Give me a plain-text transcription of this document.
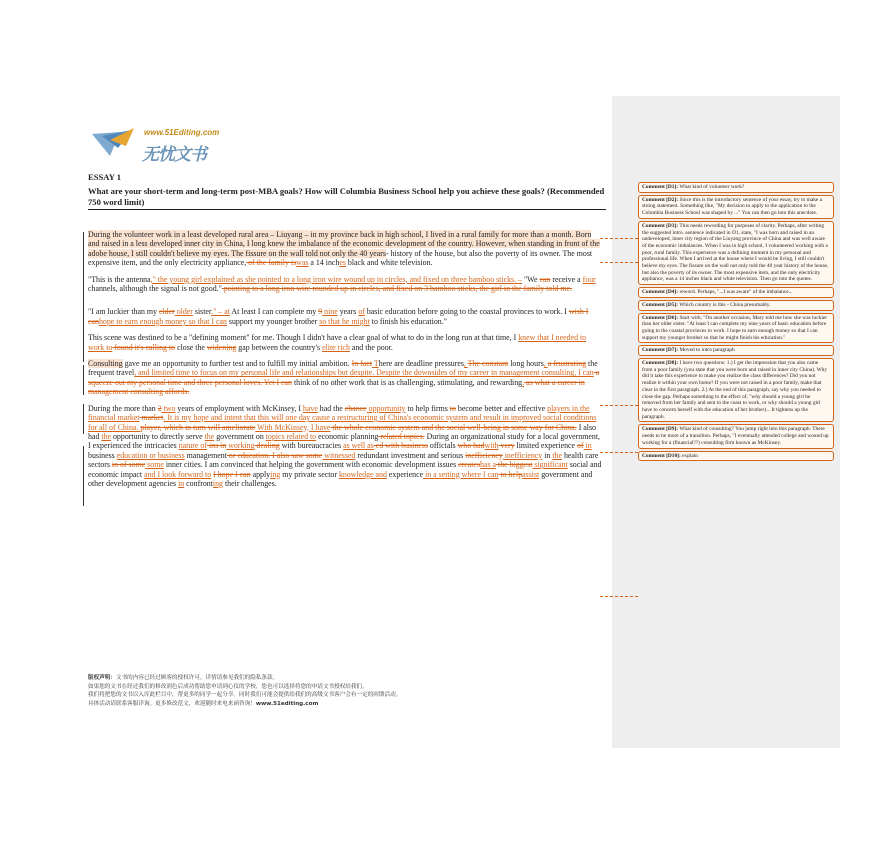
www.51Editing.com
无忧文书
ESSAY 1
What are your short-term and long-term post-MBA goals? How will Columbia Business School help you achieve these goals? (Recommended 750 word limit)

During the volunteer work in a least developed rural area – Liuyang – in my province back in high school, I lived in a rural family for more than a month. Born and raised in a less developed inner city in China, I long knew the imbalance of the economic development of the country. However, when standing in front of the adobe house, I still couldn't believe my eyes. The fissure on the wall told not only the 40 years- history of the house, but also the poverty of its owner. The most expensive item, and the only electricity appliance, of the family iswas a 14 inches black and white television.

"This is the antenna," the young girl explained as she pointed to a long iron wire wound up in circles, and fixed on three bamboo sticks. – "We can receive a four channels, although the signal is not good." pointing to a long iron wire rounded up in circles, and fixed on 3 bamboo sticks, the girl in the family told me.

"I am luckier than my elder older sister." – at At least I can complete my 9 nine years of basic education before going to the coastal provinces to work. I wish I canhope to earn enough money so that I can support my younger brother so that he might to finish his education."

This scene was destined to be a "defining moment" for me. Though I didn't have a clear goal of what to do in the long run at that time, I knew that I needed to work to found it's calling to close the widening gap between the country's elite rich and the poor.

Consulting gave me an opportunity to further test and to fulfill my initial ambition. In fact There are deadline pressures, The constant long hours, a frustrating the frequent travel, and limited time to focus on my personal life and relationships but despite. Despite the downsides of my career in management consulting, I can a squeeze out my personal time and three personal loves. Yet I can think of no other work that is as challenging, stimulating, and rewarding. as what a career in management consulting affords.

During the more than 2 two years of employment with McKinsey, I have had the chance opportunity to help firms to become better and effective players in the financial market market. It is my hope and intent that this will one day cause a restructuring of China's economic system and result in improved social conditions for all of China. player, which in turn will ameliorate With McKinsey, I have the whole economic system and the social well-being in some way for China. I also had the opportunity to directly serve the government on topics related to economic planning related topics. During an organizational study for a local government, I experienced the intricacies nature of ins in working dealing with bureaucracies as well as ed with business officials who hadwith very limited experience of in business education or business management or education. I also saw some witnessed redundant investment and serious inefficiency inefficiency in the health care sectors in of some some inner cities. I am convinced that helping the government with economic development issues createshas a the biggest significant social and economic impact and I look forward to I hope I can applying my private sector knowledge and experience in a setting where I can to helpassist government and other development agencies in confronting their challenges.

版权声明：文书的内容已经过顾客的授权许可。详情请参见我们的隐私条款。
如果您的文书在经过我们的修改润色后成功帮助您申请到心仪的学校，您也可以选择将您的申请文书授权给我们，
我们将把您的文书以入库此栏目中，帮更多的同学一起分享。同时我们可能会提供给我们的高级文书客户会有一定的回馈活动。
具体活动请联系客服详询。更多修改范文，欢迎随时来电来函咨询！www.51editing.com
Comment [D1]: What kind of volunteer work?
Comment [D2]: Since this is the introductory sentence of your essay, try to make a strong statement. Something like, "My decision to apply to the application to the Columbia Business School was shaped by ..." You can then go into this anecdote.
Comment [D3]: This needs rewording for purposes of clarity. Perhaps, after writing the suggested intro. sentence indicated in D1, state, "I was born and raised in an undeveloped, inner city region of the Liuyang province of China and was well aware of the economic imbalances. When I was in high school, I volunteered working with a poor, rural family. This experience was a defining moment in my personal and professional life. When I arrived at the house where I would be living, I still couldn't believe my eyes. The fissure on the wall not only told the 40 year history of the house, but also the poverty of its owner. The most expensive item, and the only electricity appliance, was a 14 inches black and white television. Then go into the quotes.
Comment [D4]: reword. Perhaps, "...I was aware" of the imbalance...
Comment [D5]: Which country is this - China presumably.
Comment [D6]: Start with, "On another occasion, Mary told me how she was luckier than her older sister. "At least I can complete my nine years of basic education before going to the coastal provinces to work. I hope to earn enough money so that I can support my younger brother so that he might finish his education."
Comment [D7]: Moved to intro paragraph
Comment [D8]: I have two questions: 1.) I get the impression that you also came from a poor family (you state that you were born and raised in inner city China). Why did it take this experience to make you realize the class differences? Did you not realize it within your own home? If you were not raised in a poor family, make that clear in the first paragraph. 2.) At the end of this paragraph, say why you needed to close the gap. Perhaps something to the effect of, "why should a young girl be removed from her family and sent to the coast to work, or why should a young girl have to concern herself with the education of her brother)... It tightens up the paragraph.
Comment [D9]: What kind of consulting? You jump right into this paragraph. There needs to be more of a transition. Perhaps, "I eventually attended college and wound up working for a (financial??) consulting firm known as McKinsey.
Comment [D10]: explain
